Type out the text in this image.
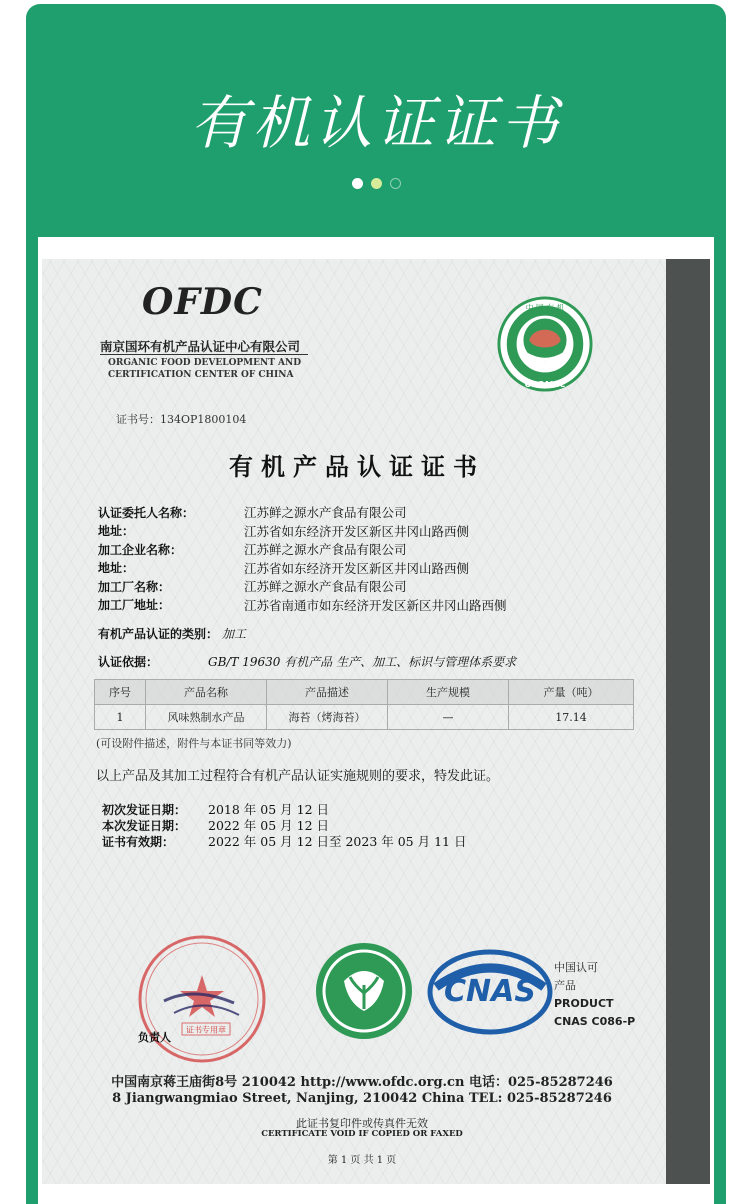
有机认证证书
OFDC
南京国环有机产品认证中心有限公司
ORGANIC FOOD DEVELOPMENT AND
CERTIFICATION CENTER OF CHINA
中 国 有 机
ORGANIC
证书号：134OP1800104
有机产品认证证书
认证委托人名称：	江苏鲜之源水产食品有限公司
地址：	江苏省如东经济开发区新区井冈山路西侧
加工企业名称：	江苏鲜之源水产食品有限公司
地址：	江苏省如东经济开发区新区井冈山路西侧
加工厂名称：	江苏鲜之源水产食品有限公司
加工厂地址：	江苏省南通市如东经济开发区新区井冈山路西侧
有机产品认证的类别： 加工
认证依据：	GB/T 19630 有机产品 生产、加工、标识与管理体系要求
序号	产品名称	产品描述	生产规模	产量（吨）
1	风味熟制水产品	海苔（烤海苔）	—	17.14
(可设附件描述，附件与本证书同等效力)
以上产品及其加工过程符合有机产品认证实施规则的要求，特发此证。
初次发证日期：	2018 年 05 月 12 日
本次发证日期：	2022 年 05 月 12 日
证书有效期：	2022 年 05 月 12 日至 2023 年 05 月 11 日
证书专用章
负责人
CNAS
中国认可
产品
PRODUCT
CNAS C086-P
中国南京蒋王庙街8号 210042 http://www.ofdc.org.cn 电话：025-85287246
8 Jiangwangmiao Street, Nanjing, 210042 China TEL: 025-85287246
此证书复印件或传真件无效
CERTIFICATE VOID IF COPIED OR FAXED
第 1 页 共 1 页
